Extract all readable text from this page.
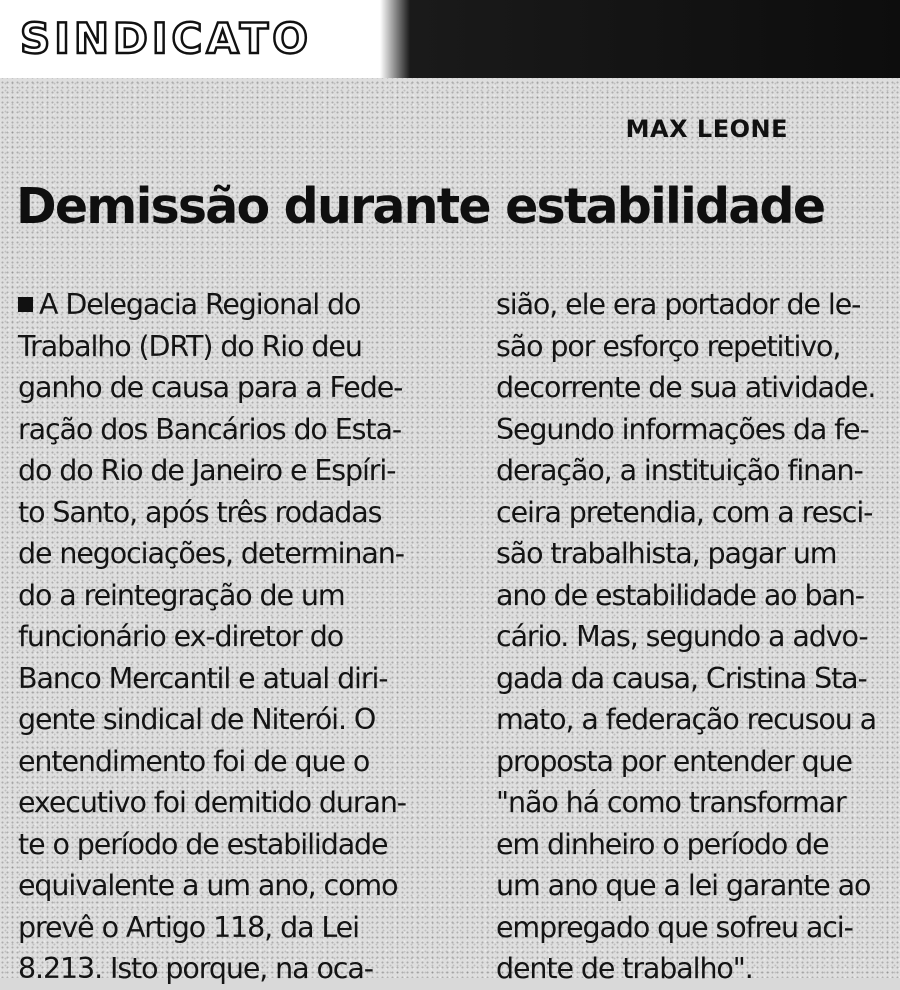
SINDICATO
MAX LEONE
Demissão durante estabilidade
A Delegacia Regional do
Trabalho (DRT) do Rio deu
ganho de causa para a Fede-
ração dos Bancários do Esta-
do do Rio de Janeiro e Espíri-
to Santo, após três rodadas
de negociações, determinan-
do a reintegração de um
funcionário ex-diretor do
Banco Mercantil e atual diri-
gente sindical de Niterói. O
entendimento foi de que o
executivo foi demitido duran-
te o período de estabilidade
equivalente a um ano, como
prevê o Artigo 118, da Lei
8.213. Isto porque, na oca-
sião, ele era portador de le-
são por esforço repetitivo,
decorrente de sua atividade.
Segundo informações da fe-
deração, a instituição finan-
ceira pretendia, com a resci-
são trabalhista, pagar um
ano de estabilidade ao ban-
cário. Mas, segundo a advo-
gada da causa, Cristina Sta-
mato, a federação recusou a
proposta por entender que
"não há como transformar
em dinheiro o período de
um ano que a lei garante ao
empregado que sofreu aci-
dente de trabalho".
